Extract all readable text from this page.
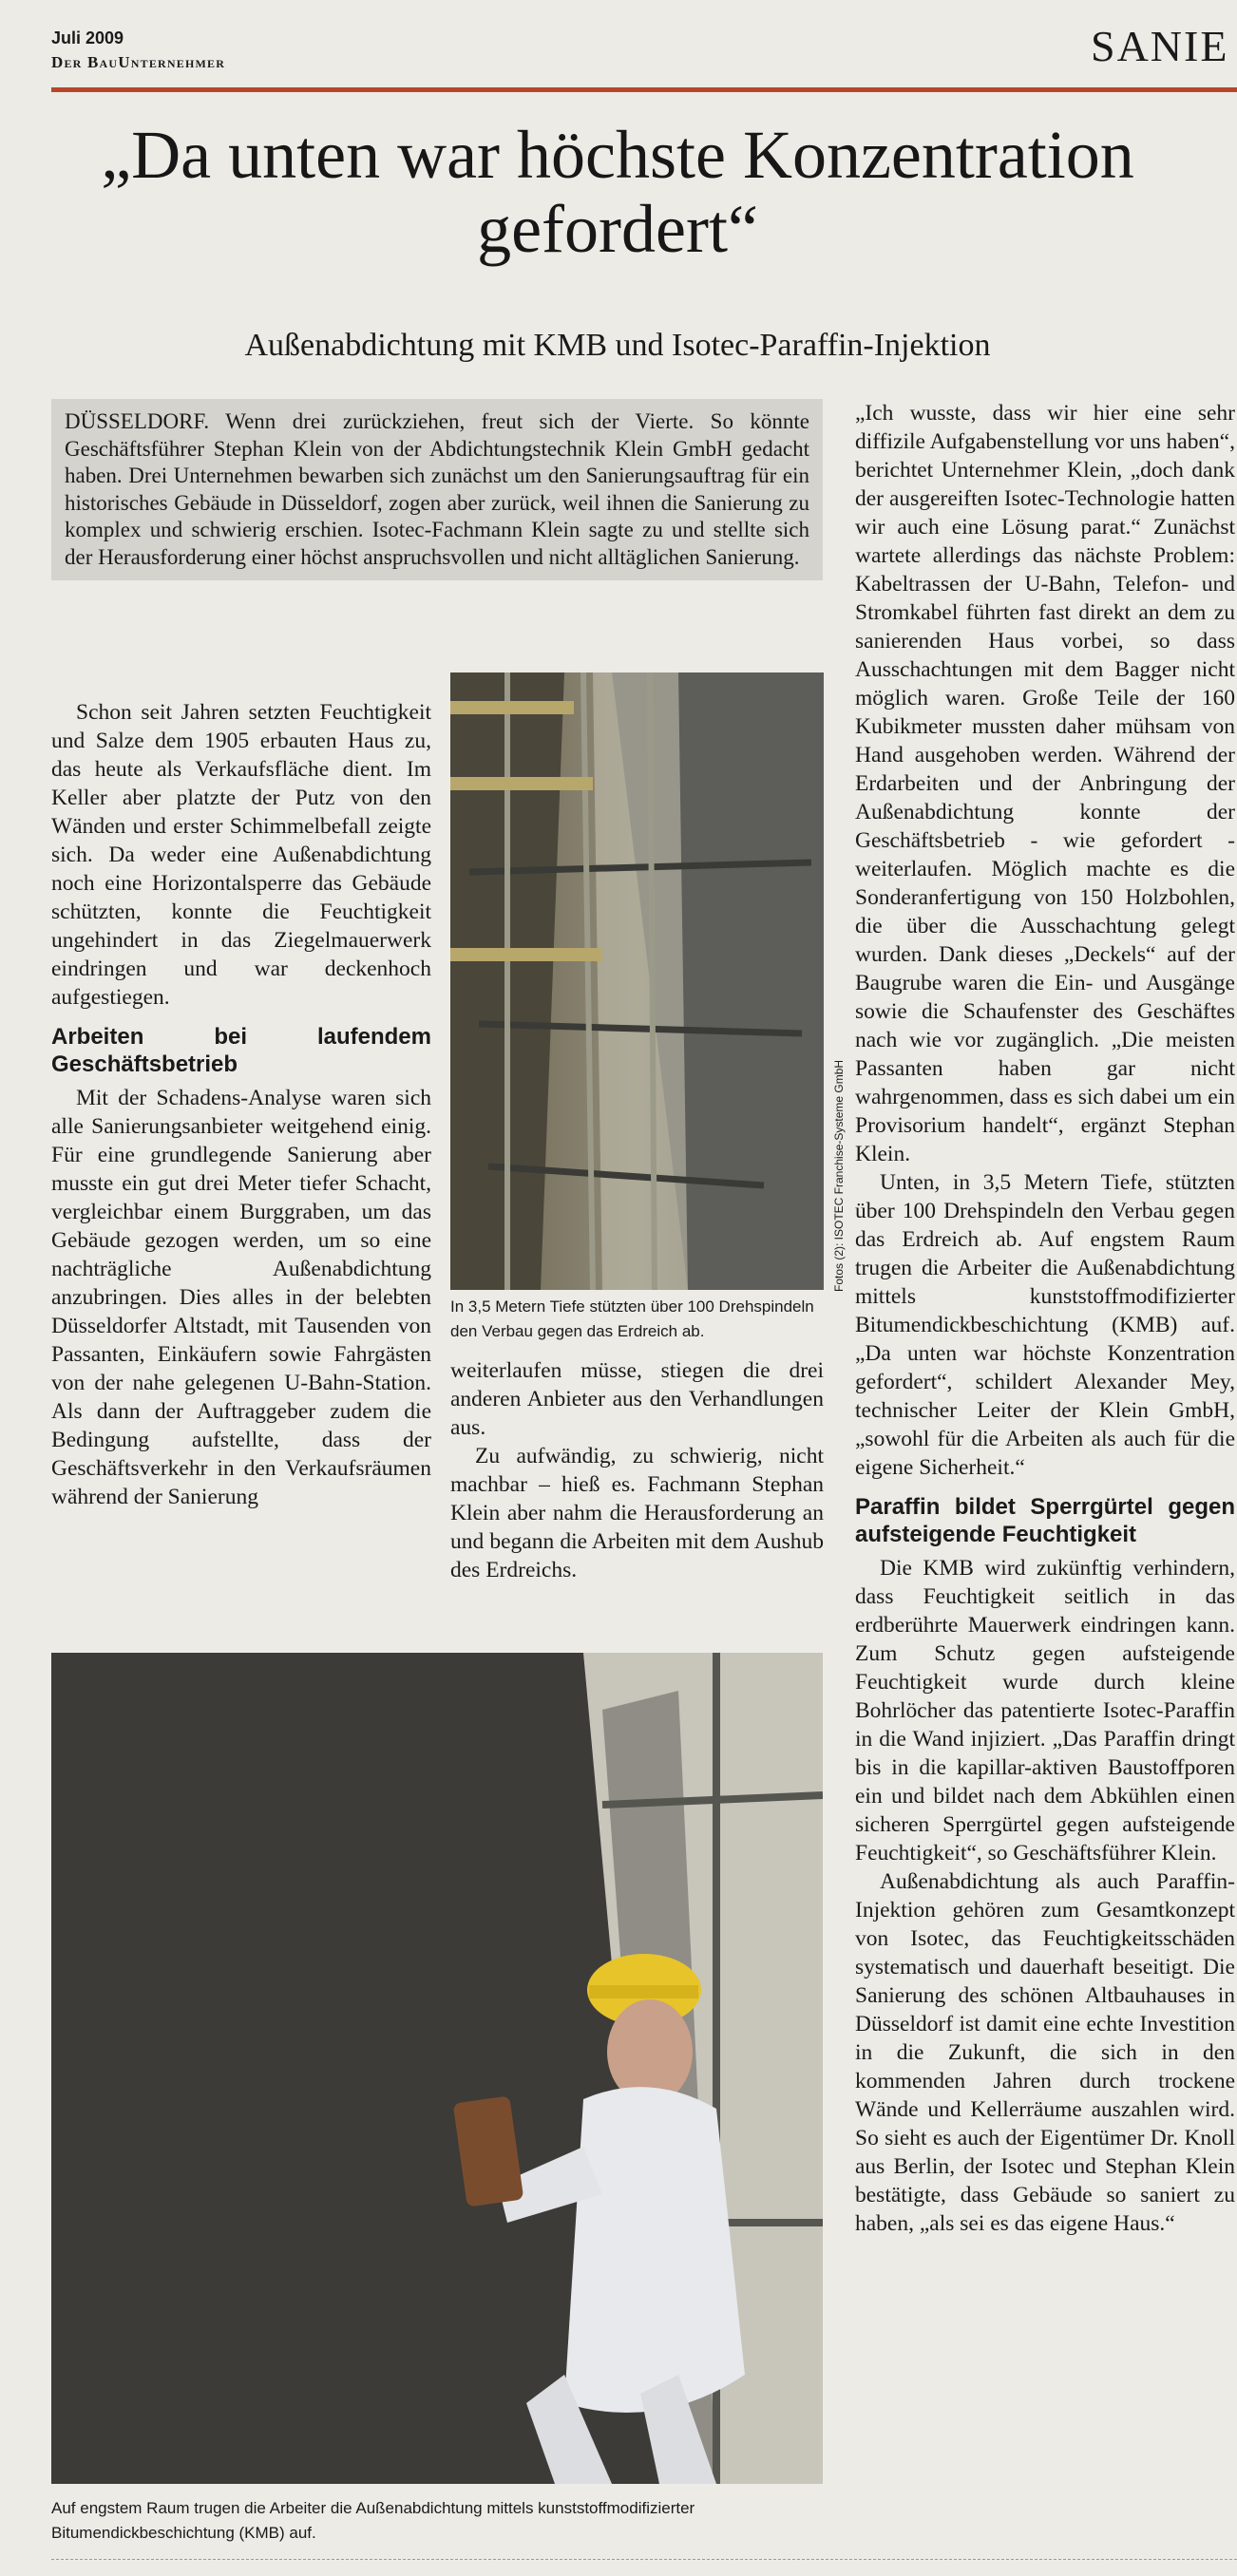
Juli 2009
Der BauUnternehmer	SANIE
„Da unten war höchste Konzentration gefordert“
Außenabdichtung mit KMB und Isotec-Paraffin-Injektion

DÜSSELDORF. Wenn drei zurückziehen, freut sich der Vierte. So könnte Geschäftsführer Stephan Klein von der Abdichtungstechnik Klein GmbH gedacht haben. Drei Unternehmen bewarben sich zunächst um den Sanierungsauftrag für ein historisches Gebäude in Düsseldorf, zogen aber zurück, weil ihnen die Sanierung zu komplex und schwierig erschien. Isotec-Fachmann Klein sagte zu und stellte sich der Herausforderung einer höchst anspruchsvollen und nicht alltäglichen Sanierung.

Schon seit Jahren setzten Feuchtigkeit und Salze dem 1905 erbauten Haus zu, das heute als Verkaufsfläche dient. Im Keller aber platzte der Putz von den Wänden und erster Schimmelbefall zeigte sich. Da weder eine Außenabdichtung noch eine Horizontalsperre das Gebäude schützten, konnte die Feuchtigkeit ungehindert in das Ziegelmauerwerk eindringen und war deckenhoch aufgestiegen.

Arbeiten bei laufendem Geschäftsbetrieb

Mit der Schadens-Analyse waren sich alle Sanierungsanbieter weitgehend einig. Für eine grundlegende Sanierung aber musste ein gut drei Meter tiefer Schacht, vergleichbar einem Burggraben, um das Gebäude gezogen werden, um so eine nachträgliche Außenabdichtung anzubringen. Dies alles in der belebten Düsseldorfer Altstadt, mit Tausenden von Passanten, Einkäufern sowie Fahrgästen von der nahe gelegenen U-Bahn-Station. Als dann der Auftraggeber zudem die Bedingung aufstellte, dass der Geschäftsverkehr in den Verkaufsräumen während der Sanierung

In 3,5 Metern Tiefe stützten über 100 Drehspindeln den Verbau gegen das Erdreich ab.
Fotos (2): ISOTEC Franchise-Systeme GmbH

weiterlaufen müsse, stiegen die drei anderen Anbieter aus den Verhandlungen aus.

Zu aufwändig, zu schwierig, nicht machbar – hieß es. Fachmann Stephan Klein aber nahm die Herausforderung an und begann die Arbeiten mit dem Aushub des Erdreichs.

„Ich wusste, dass wir hier eine sehr diffizile Aufgabenstellung vor uns haben“, berichtet Unternehmer Klein, „doch dank der ausgereiften Isotec-Technologie hatten wir auch eine Lösung parat.“ Zunächst wartete allerdings das nächste Problem: Kabeltrassen der U-Bahn, Telefon- und Stromkabel führten fast direkt an dem zu sanierenden Haus vorbei, so dass Ausschachtungen mit dem Bagger nicht möglich waren. Große Teile der 160 Kubikmeter mussten daher mühsam von Hand ausgehoben werden. Während der Erdarbeiten und der Anbringung der Außenabdichtung konnte der Geschäftsbetrieb - wie gefordert - weiterlaufen. Möglich machte es die Sonderanfertigung von 150 Holzbohlen, die über die Ausschachtung gelegt wurden. Dank dieses „Deckels“ auf der Baugrube waren die Ein- und Ausgänge sowie die Schaufenster des Geschäftes nach wie vor zugänglich. „Die meisten Passanten haben gar nicht wahrgenommen, dass es sich dabei um ein Provisorium handelt“, ergänzt Stephan Klein.

Unten, in 3,5 Metern Tiefe, stützten über 100 Drehspindeln den Verbau gegen das Erdreich ab. Auf engstem Raum trugen die Arbeiter die Außenabdichtung mittels kunststoffmodifizierter Bitumendickbeschichtung (KMB) auf. „Da unten war höchste Konzentration gefordert“, schildert Alexander Mey, technischer Leiter der Klein GmbH, „sowohl für die Arbeiten als auch für die eigene Sicherheit.“

Paraffin bildet Sperrgürtel gegen aufsteigende Feuchtigkeit

Die KMB wird zukünftig verhindern, dass Feuchtigkeit seitlich in das erdberührte Mauerwerk eindringen kann. Zum Schutz gegen aufsteigende Feuchtigkeit wurde durch kleine Bohrlöcher das patentierte Isotec-Paraffin in die Wand injiziert. „Das Paraffin dringt bis in die kapillar-aktiven Baustoffporen ein und bildet nach dem Abkühlen einen sicheren Sperrgürtel gegen aufsteigende Feuchtigkeit“, so Geschäftsführer Klein.

Außenabdichtung als auch Paraffin-Injektion gehören zum Gesamtkonzept von Isotec, das Feuchtigkeitsschäden systematisch und dauerhaft beseitigt. Die Sanierung des schönen Altbauhauses in Düsseldorf ist damit eine echte Investition in die Zukunft, die sich in den kommenden Jahren durch trockene Wände und Kellerräume auszahlen wird. So sieht es auch der Eigentümer Dr. Knoll aus Berlin, der Isotec und Stephan Klein bestätigte, dass Gebäude so saniert zu haben, „als sei es das eigene Haus.“

Auf engstem Raum trugen die Arbeiter die Außenabdichtung mittels kunststoffmodifizierter Bitumendickbeschichtung (KMB) auf.
